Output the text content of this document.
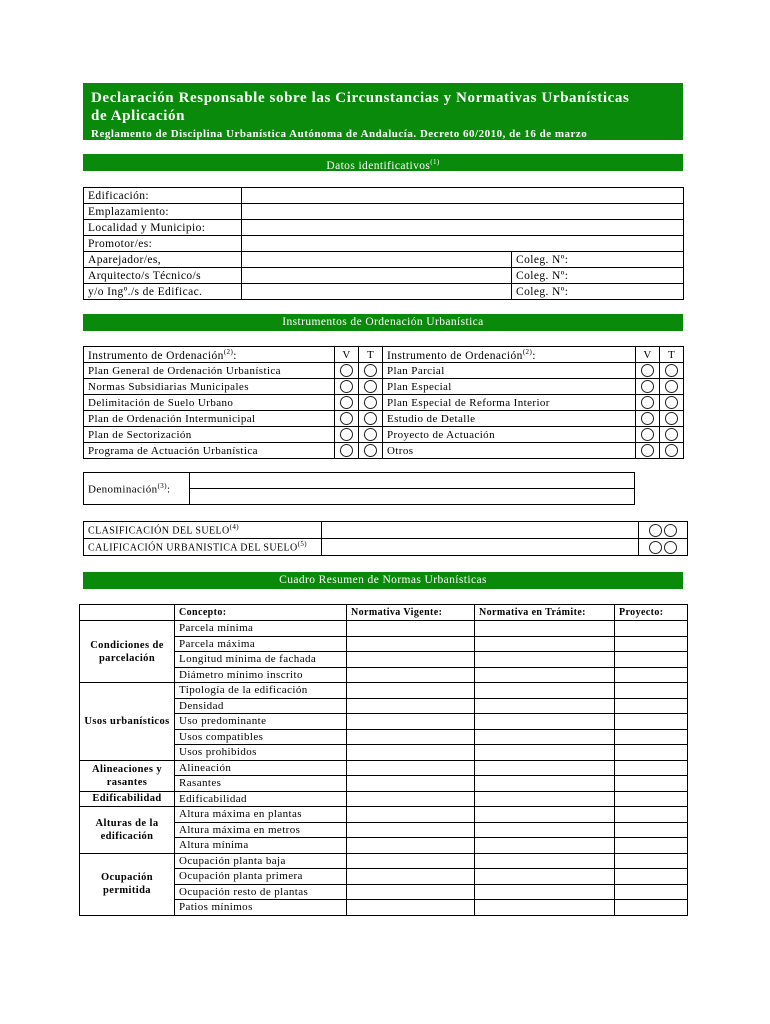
Declaración Responsable sobre las Circunstancias y Normativas Urbanísticas
de Aplicación
Reglamento de Disciplina Urbanística Autónoma de Andalucía. Decreto 60/2010, de 16 de marzo
Datos identificativos$^{(1)}$
Edificación:		
Emplazamiento:		
Localidad y Municipio:		
Promotor/es:		
Aparejador/es,		Coleg. Nº:
Arquitecto/s Técnico/s		Coleg. Nº:
y/o Ingº./s de Edificac.		Coleg. Nº:
Instrumentos de Ordenación Urbanística
Instrumento de Ordenación$^{(2)}$:	V	T	Instrumento de Ordenación$^{(2)}$:	V	T
Plan General de Ordenación Urbanística			Plan Parcial		
Normas Subsidiarias Municipales			Plan Especial		
Delimitación de Suelo Urbano			Plan Especial de Reforma Interior		
Plan de Ordenación Intermunicipal			Estudio de Detalle		
Plan de Sectorización			Proyecto de Actuación		
Programa de Actuación Urbanística			Otros		
Denominación$^{(3)}$:	

CLASIFICACIÓN DEL SUELO$^{(4)}$		
CALIFICACIÓN URBANISTICA DEL SUELO$^{(5)}$		
Cuadro Resumen de Normas Urbanísticas
	Concepto:	Normativa Vigente:	Normativa en Trámite:	Proyecto:
Condiciones de parcelación	Parcela mínima			
	Parcela máxima			
	Longitud mínima de fachada			
	Diámetro mínimo inscrito			
Usos urbanísticos	Tipología de la edificación			
	Densidad			
	Uso predominante			
	Usos compatibles			
	Usos prohibidos			
Alineaciones y rasantes	Alineación			
	Rasantes			
Edificabilidad	Edificabilidad			
Alturas de la edificación	Altura máxima en plantas			
	Altura máxima en metros			
	Altura mínima			
Ocupación permitida	Ocupación planta baja			
	Ocupación planta primera			
	Ocupación resto de plantas			
	Patios mínimos			
